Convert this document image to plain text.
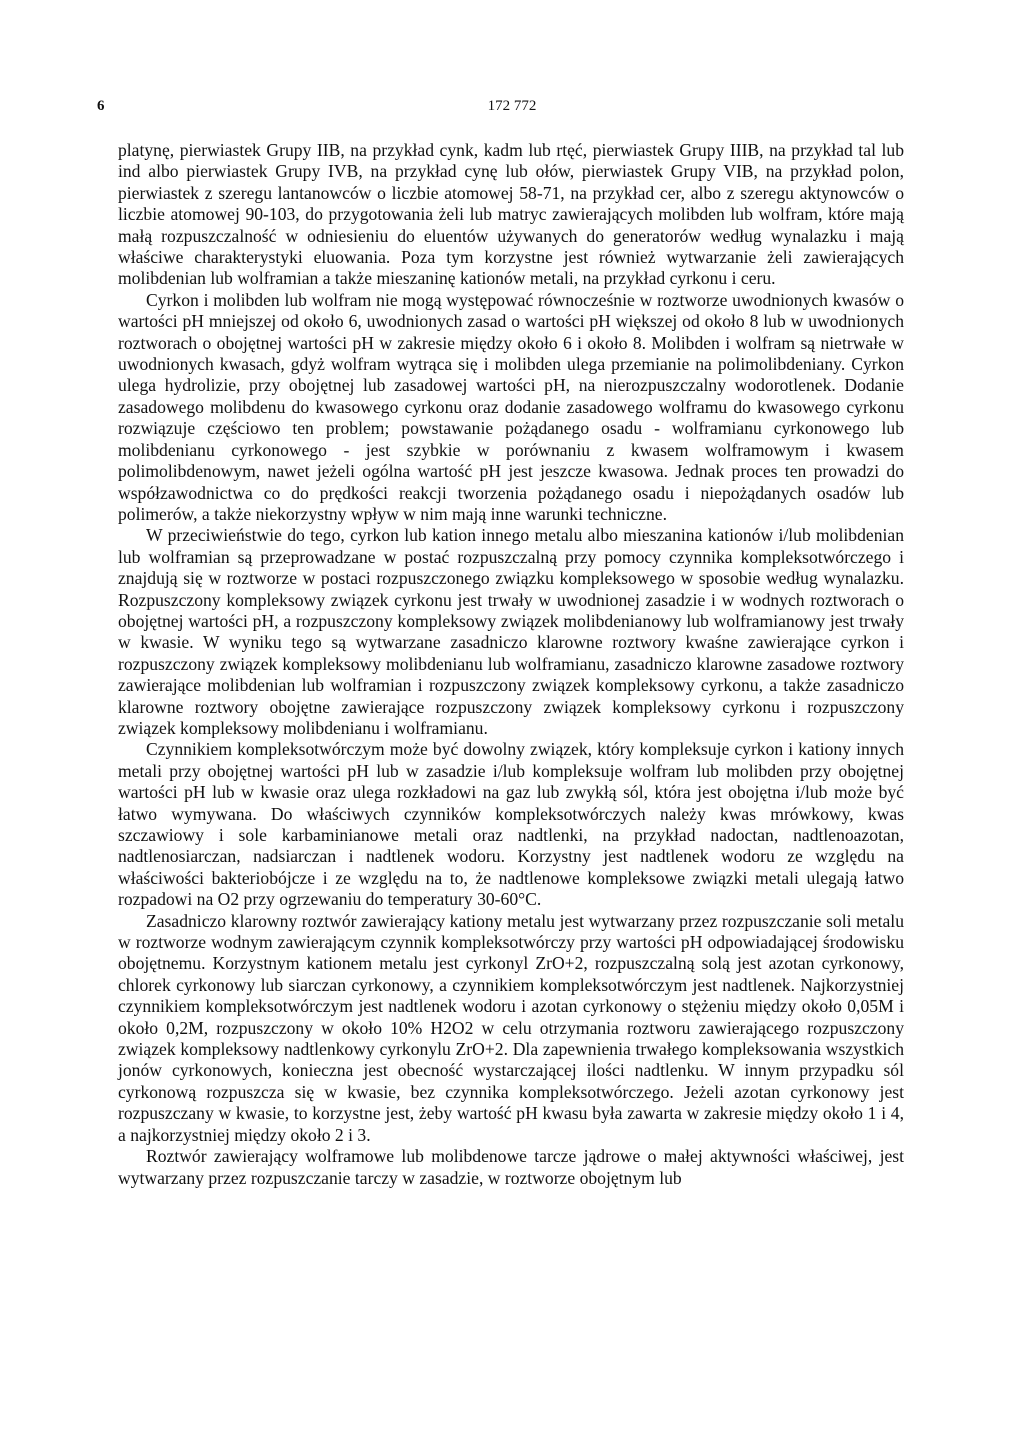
6	172 772

platynę, pierwiastek Grupy IIB, na przykład cynk, kadm lub rtęć, pierwiastek Grupy IIIB, na przykład tal lub ind albo pierwiastek Grupy IVB, na przykład cynę lub ołów, pierwiastek Grupy VIB, na przykład polon, pierwiastek z szeregu lantanowców o liczbie atomowej 58-71, na przykład cer, albo z szeregu aktynowców o liczbie atomowej 90-103, do przygotowania żeli lub matryc zawierających molibden lub wolfram, które mają małą rozpuszczalność w odniesieniu do eluentów używanych do generatorów według wynalazku i mają właściwe charakterystyki eluowania. Poza tym korzystne jest również wytwarzanie żeli zawierających molibdenian lub wolframian a także mieszaninę kationów metali, na przykład cyrkonu i ceru.

Cyrkon i molibden lub wolfram nie mogą występować równocześnie w roztworze uwodnionych kwasów o wartości pH mniejszej od około 6, uwodnionych zasad o wartości pH większej od około 8 lub w uwodnionych roztworach o obojętnej wartości pH w zakresie między około 6 i około 8. Molibden i wolfram są nietrwałe w uwodnionych kwasach, gdyż wolfram wytrąca się i molibden ulega przemianie na polimolibdeniany. Cyrkon ulega hydrolizie, przy obojętnej lub zasadowej wartości pH, na nierozpuszczalny wodorotlenek. Dodanie zasadowego molibdenu do kwasowego cyrkonu oraz dodanie zasadowego wolframu do kwasowego cyrkonu rozwiązuje częściowo ten problem; powstawanie pożądanego osadu - wolframianu cyrkonowego lub molibdenianu cyrkonowego - jest szybkie w porównaniu z kwasem wolframowym i kwasem polimolibdenowym, nawet jeżeli ogólna wartość pH jest jeszcze kwasowa. Jednak proces ten prowadzi do współzawodnictwa co do prędkości reakcji tworzenia pożądanego osadu i niepożądanych osadów lub polimerów, a także niekorzystny wpływ w nim mają inne warunki techniczne.

W przeciwieństwie do tego, cyrkon lub kation innego metalu albo mieszanina kationów i/lub molibdenian lub wolframian są przeprowadzane w postać rozpuszczalną przy pomocy czynnika kompleksotwórczego i znajdują się w roztworze w postaci rozpuszczonego związku kompleksowego w sposobie według wynalazku. Rozpuszczony kompleksowy związek cyrkonu jest trwały w uwodnionej zasadzie i w wodnych roztworach o obojętnej wartości pH, a rozpuszczony kompleksowy związek molibdenianowy lub wolframianowy jest trwały w kwasie. W wyniku tego są wytwarzane zasadniczo klarowne roztwory kwaśne zawierające cyrkon i rozpuszczony związek kompleksowy molibdenianu lub wolframianu, zasadniczo klarowne zasadowe roztwory zawierające molibdenian lub wolframian i rozpuszczony związek kompleksowy cyrkonu, a także zasadniczo klarowne roztwory obojętne zawierające rozpuszczony związek kompleksowy cyrkonu i rozpuszczony związek kompleksowy molibdenianu i wolframianu.

Czynnikiem kompleksotwórczym może być dowolny związek, który kompleksuje cyrkon i kationy innych metali przy obojętnej wartości pH lub w zasadzie i/lub kompleksuje wolfram lub molibden przy obojętnej wartości pH lub w kwasie oraz ulega rozkładowi na gaz lub zwykłą sól, która jest obojętna i/lub może być łatwo wymywana. Do właściwych czynników kompleksotwórczych należy kwas mrówkowy, kwas szczawiowy i sole karbaminianowe metali oraz nadtlenki, na przykład nadoctan, nadtlenoazotan, nadtlenosiarczan, nadsiarczan i nadtlenek wodoru. Korzystny jest nadtlenek wodoru ze względu na właściwości bakteriobójcze i ze względu na to, że nadtlenowe kompleksowe związki metali ulegają łatwo rozpadowi na O2 przy ogrzewaniu do temperatury 30-60°C.

Zasadniczo klarowny roztwór zawierający kationy metalu jest wytwarzany przez rozpuszczanie soli metalu w roztworze wodnym zawierającym czynnik kompleksotwórczy przy wartości pH odpowiadającej środowisku obojętnemu. Korzystnym kationem metalu jest cyrkonyl ZrO+2, rozpuszczalną solą jest azotan cyrkonowy, chlorek cyrkonowy lub siarczan cyrkonowy, a czynnikiem kompleksotwórczym jest nadtlenek. Najkorzystniej czynnikiem kompleksotwórczym jest nadtlenek wodoru i azotan cyrkonowy o stężeniu między około 0,05M i około 0,2M, rozpuszczony w około 10% H2O2 w celu otrzymania roztworu zawierającego rozpuszczony związek kompleksowy nadtlenkowy cyrkonylu ZrO+2. Dla zapewnienia trwałego kompleksowania wszystkich jonów cyrkonowych, konieczna jest obecność wystarczającej ilości nadtlenku. W innym przypadku sól cyrkonową rozpuszcza się w kwasie, bez czynnika kompleksotwórczego. Jeżeli azotan cyrkonowy jest rozpuszczany w kwasie, to korzystne jest, żeby wartość pH kwasu była zawarta w zakresie między około 1 i 4, a najkorzystniej między około 2 i 3.

Roztwór zawierający wolframowe lub molibdenowe tarcze jądrowe o małej aktywności właściwej, jest wytwarzany przez rozpuszczanie tarczy w zasadzie, w roztworze obojętnym lub
